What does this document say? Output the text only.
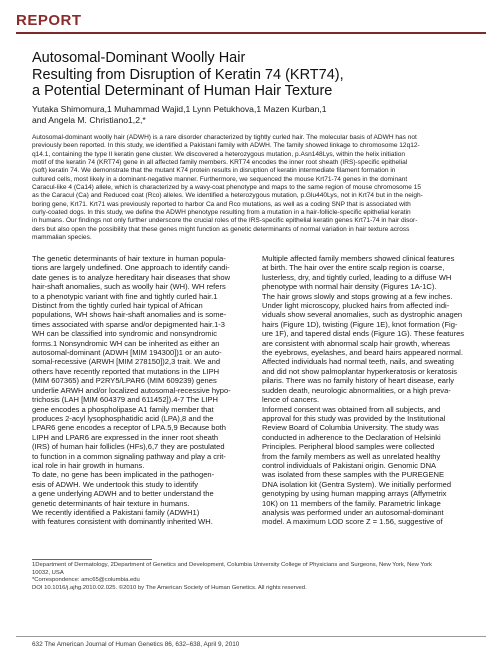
REPORT
Autosomal-Dominant Woolly Hair
Resulting from Disruption of Keratin 74 (KRT74),
a Potential Determinant of Human Hair Texture
Yutaka Shimomura,1 Muhammad Wajid,1 Lynn Petukhova,1 Mazen Kurban,1
and Angela M. Christiano1,2,*
Autosomal-dominant woolly hair (ADWH) is a rare disorder characterized by tightly curled hair. The molecular basis of ADWH has not
previously been reported. In this study, we identified a Pakistani family with ADWH. The family showed linkage to chromosome 12q12-
q14.1, containing the type II keratin gene cluster. We discovered a heterozygous mutation, p.Asn148Lys, within the helix initiation
motif of the keratin 74 (KRT74) gene in all affected family members. KRT74 encodes the inner root sheath (IRS)-specific epithelial
(soft) keratin 74. We demonstrate that the mutant K74 protein results in disruption of keratin intermediate filament formation in
cultured cells, most likely in a dominant-negative manner. Furthermore, we sequenced the mouse Krt71-74 genes in the dominant
Caracul-like 4 (Ca14) allele, which is characterized by a wavy-coat phenotype and maps to the same region of mouse chromosome 15
as the Caracul (Ca) and Reduced coat (Rco) alleles. We identified a heterozygous mutation, p.Glu440Lys, not in Krt74 but in the neigh-
boring gene, Krt71. Krt71 was previously reported to harbor Ca and Rco mutations, as well as a coding SNP that is associated with
curly-coated dogs. In this study, we define the ADWH phenotype resulting from a mutation in a hair-follicle-specific epithelial keratin
in humans. Our findings not only further underscore the crucial roles of the IRS-specific epithelial keratin genes Krt71-74 in hair disor-
ders but also open the possibility that these genes might function as genetic determinants of normal variation in hair texture across
mammalian species.
The genetic determinants of hair texture in human popula-
tions are largely undefined. One approach to identify candi-
date genes is to analyze hereditary hair diseases that show
hair-shaft anomalies, such as woolly hair (WH). WH refers
to a phenotypic variant with fine and tightly curled hair.1
Distinct from the tightly curled hair typical of African
populations, WH shows hair-shaft anomalies and is some-
times associated with sparse and/or depigmented hair.1-3
WH can be classified into syndromic and nonsyndromic
forms.1 Nonsyndromic WH can be inherited as either an
autosomal-dominant (ADWH [MIM 194300])1 or an auto-
somal-recessive (ARWH [MIM 278150])2,3 trait. We and
others have recently reported that mutations in the LIPH
(MIM 607365) and P2RY5/LPAR6 (MIM 609239) genes
underlie ARWH and/or localized autosomal-recessive hypo-
trichosis (LAH [MIM 604379 and 611452]).4-7 The LIPH
gene encodes a phospholipase A1 family member that
produces 2-acyl lysophosphatidic acid (LPA),8 and the
LPAR6 gene encodes a receptor of LPA.5,9 Because both
LIPH and LPAR6 are expressed in the inner root sheath
(IRS) of human hair follicles (HFs),6,7 they are postulated
to function in a common signaling pathway and play a crit-
ical role in hair growth in humans.
To date, no gene has been implicated in the pathogen-
esis of ADWH. We undertook this study to identify
a gene underlying ADWH and to better understand the
genetic determinants of hair texture in humans.
We recently identified a Pakistani family (ADWH1)
with features consistent with dominantly inherited WH.
Multiple affected family members showed clinical features
at birth. The hair over the entire scalp region is coarse,
lusterless, dry, and tightly curled, leading to a diffuse WH
phenotype with normal hair density (Figures 1A-1C).
The hair grows slowly and stops growing at a few inches.
Under light microscopy, plucked hairs from affected indi-
viduals show several anomalies, such as dystrophic anagen
hairs (Figure 1D), twisting (Figure 1E), knot formation (Fig-
ure 1F), and tapered distal ends (Figure 1G). These features
are consistent with abnormal scalp hair growth, whereas
the eyebrows, eyelashes, and beard hairs appeared normal.
Affected individuals had normal teeth, nails, and sweating
and did not show palmoplantar hyperkeratosis or keratosis
pilaris. There was no family history of heart disease, early
sudden death, neurologic abnormalities, or a high preva-
lence of cancers.
Informed consent was obtained from all subjects, and
approval for this study was provided by the Institutional
Review Board of Columbia University. The study was
conducted in adherence to the Declaration of Helsinki
Principles. Peripheral blood samples were collected
from the family members as well as unrelated healthy
control individuals of Pakistani origin. Genomic DNA
was isolated from these samples with the PUREGENE
DNA isolation kit (Gentra System). We initially performed
genotyping by using human mapping arrays (Affymetrix
10K) on 11 members of the family. Parametric linkage
analysis was performed under an autosomal-dominant
model. A maximum LOD score Z = 1.56, suggestive of
1Department of Dermatology, 2Department of Genetics and Development, Columbia University College of Physicians and Surgeons, New York, New York
10032, USA
*Correspondence: amc65@columbia.edu
DOI 10.1016/j.ajhg.2010.02.025. ©2010 by The American Society of Human Genetics. All rights reserved.
632 The American Journal of Human Genetics 86, 632–638, April 9, 2010
